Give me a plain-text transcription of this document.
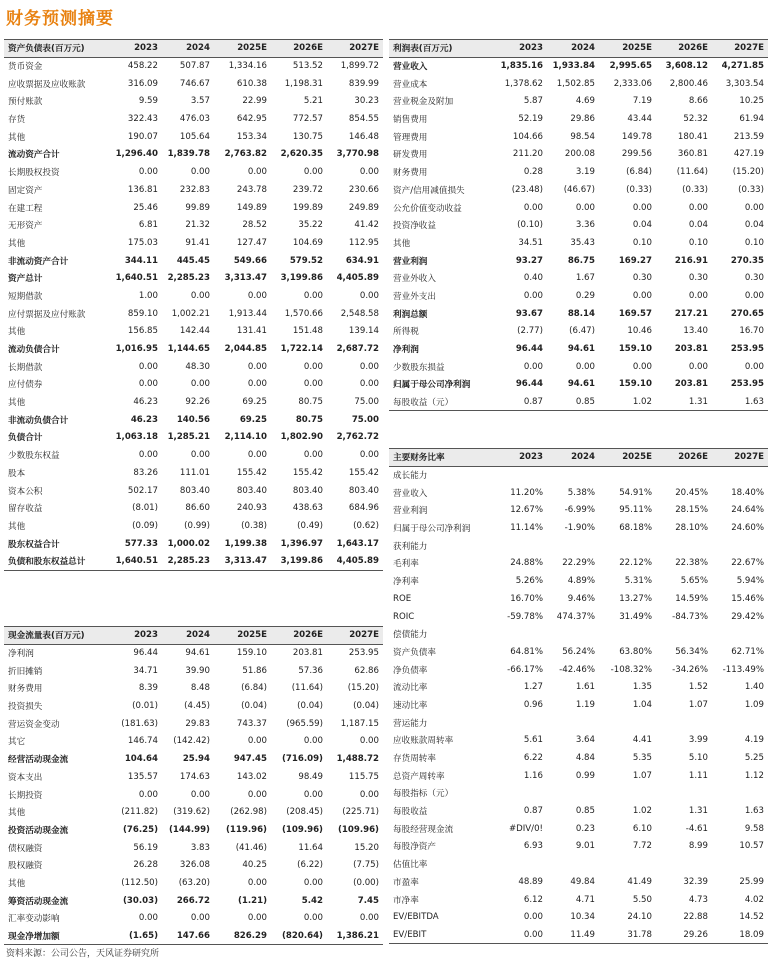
财务预测摘要
资产负债表(百万元)	2023	2024	2025E	2026E	2027E
货币资金	458.22	507.87	1,334.16	513.52	1,899.72
应收票据及应收账款	316.09	746.67	610.38	1,198.31	839.99
预付账款	9.59	3.57	22.99	5.21	30.23
存货	322.43	476.03	642.95	772.57	854.55
其他	190.07	105.64	153.34	130.75	146.48
流动资产合计	1,296.40	1,839.78	2,763.82	2,620.35	3,770.98
长期股权投资	0.00	0.00	0.00	0.00	0.00
固定资产	136.81	232.83	243.78	239.72	230.66
在建工程	25.46	99.89	149.89	199.89	249.89
无形资产	6.81	21.32	28.52	35.22	41.42
其他	175.03	91.41	127.47	104.69	112.95
非流动资产合计	344.11	445.45	549.66	579.52	634.91
资产总计	1,640.51	2,285.23	3,313.47	3,199.86	4,405.89
短期借款	1.00	0.00	0.00	0.00	0.00
应付票据及应付账款	859.10	1,002.21	1,913.44	1,570.66	2,548.58
其他	156.85	142.44	131.41	151.48	139.14
流动负债合计	1,016.95	1,144.65	2,044.85	1,722.14	2,687.72
长期借款	0.00	48.30	0.00	0.00	0.00
应付债券	0.00	0.00	0.00	0.00	0.00
其他	46.23	92.26	69.25	80.75	75.00
非流动负债合计	46.23	140.56	69.25	80.75	75.00
负债合计	1,063.18	1,285.21	2,114.10	1,802.90	2,762.72
少数股东权益	0.00	0.00	0.00	0.00	0.00
股本	83.26	111.01	155.42	155.42	155.42
资本公积	502.17	803.40	803.40	803.40	803.40
留存收益	(8.01)	86.60	240.93	438.63	684.96
其他	(0.09)	(0.99)	(0.38)	(0.49)	(0.62)
股东权益合计	577.33	1,000.02	1,199.38	1,396.97	1,643.17
负债和股东权益总计	1,640.51	2,285.23	3,313.47	3,199.86	4,405.89
利润表(百万元)	2023	2024	2025E	2026E	2027E
营业收入	1,835.16	1,933.84	2,995.65	3,608.12	4,271.85
营业成本	1,378.62	1,502.85	2,333.06	2,800.46	3,303.54
营业税金及附加	5.87	4.69	7.19	8.66	10.25
销售费用	52.19	29.86	43.44	52.32	61.94
管理费用	104.66	98.54	149.78	180.41	213.59
研发费用	211.20	200.08	299.56	360.81	427.19
财务费用	0.28	3.19	(6.84)	(11.64)	(15.20)
资产/信用减值损失	(23.48)	(46.67)	(0.33)	(0.33)	(0.33)
公允价值变动收益	0.00	0.00	0.00	0.00	0.00
投资净收益	(0.10)	3.36	0.04	0.04	0.04
其他	34.51	35.43	0.10	0.10	0.10
营业利润	93.27	86.75	169.27	216.91	270.35
营业外收入	0.40	1.67	0.30	0.30	0.30
营业外支出	0.00	0.29	0.00	0.00	0.00
利润总额	93.67	88.14	169.57	217.21	270.65
所得税	(2.77)	(6.47)	10.46	13.40	16.70
净利润	96.44	94.61	159.10	203.81	253.95
少数股东损益	0.00	0.00	0.00	0.00	0.00
归属于母公司净利润	96.44	94.61	159.10	203.81	253.95
每股收益（元）	0.87	0.85	1.02	1.31	1.63
主要财务比率	2023	2024	2025E	2026E	2027E
成长能力					
营业收入	11.20%	5.38%	54.91%	20.45%	18.40%
营业利润	12.67%	-6.99%	95.11%	28.15%	24.64%
归属于母公司净利润	11.14%	-1.90%	68.18%	28.10%	24.60%
获利能力					
毛利率	24.88%	22.29%	22.12%	22.38%	22.67%
净利率	5.26%	4.89%	5.31%	5.65%	5.94%
ROE	16.70%	9.46%	13.27%	14.59%	15.46%
ROIC	-59.78%	474.37%	31.49%	-84.73%	29.42%
偿债能力					
资产负债率	64.81%	56.24%	63.80%	56.34%	62.71%
净负债率	-66.17%	-42.46%	-108.32%	-34.26%	-113.49%
流动比率	1.27	1.61	1.35	1.52	1.40
速动比率	0.96	1.19	1.04	1.07	1.09
营运能力					
应收账款周转率	5.61	3.64	4.41	3.99	4.19
存货周转率	6.22	4.84	5.35	5.10	5.25
总资产周转率	1.16	0.99	1.07	1.11	1.12
每股指标（元）					
每股收益	0.87	0.85	1.02	1.31	1.63
每股经营现金流	#DIV/0!	0.23	6.10	-4.61	9.58
每股净资产	6.93	9.01	7.72	8.99	10.57
估值比率					
市盈率	48.89	49.84	41.49	32.39	25.99
市净率	6.12	4.71	5.50	4.73	4.02
EV/EBITDA	0.00	10.34	24.10	22.88	14.52
EV/EBIT	0.00	11.49	31.78	29.26	18.09
现金流量表(百万元)	2023	2024	2025E	2026E	2027E
净利润	96.44	94.61	159.10	203.81	253.95
折旧摊销	34.71	39.90	51.86	57.36	62.86
财务费用	8.39	8.48	(6.84)	(11.64)	(15.20)
投资损失	(0.01)	(4.45)	(0.04)	(0.04)	(0.04)
营运资金变动	(181.63)	29.83	743.37	(965.59)	1,187.15
其它	146.74	(142.42)	0.00	0.00	0.00
经营活动现金流	104.64	25.94	947.45	(716.09)	1,488.72
资本支出	135.57	174.63	143.02	98.49	115.75
长期投资	0.00	0.00	0.00	0.00	0.00
其他	(211.82)	(319.62)	(262.98)	(208.45)	(225.71)
投资活动现金流	(76.25)	(144.99)	(119.96)	(109.96)	(109.96)
债权融资	56.19	3.83	(41.46)	11.64	15.20
股权融资	26.28	326.08	40.25	(6.22)	(7.75)
其他	(112.50)	(63.20)	0.00	0.00	(0.00)
筹资活动现金流	(30.03)	266.72	(1.21)	5.42	7.45
汇率变动影响	0.00	0.00	0.00	0.00	0.00
现金净增加额	(1.65)	147.66	826.29	(820.64)	1,386.21
资料来源：公司公告，天风证券研究所
